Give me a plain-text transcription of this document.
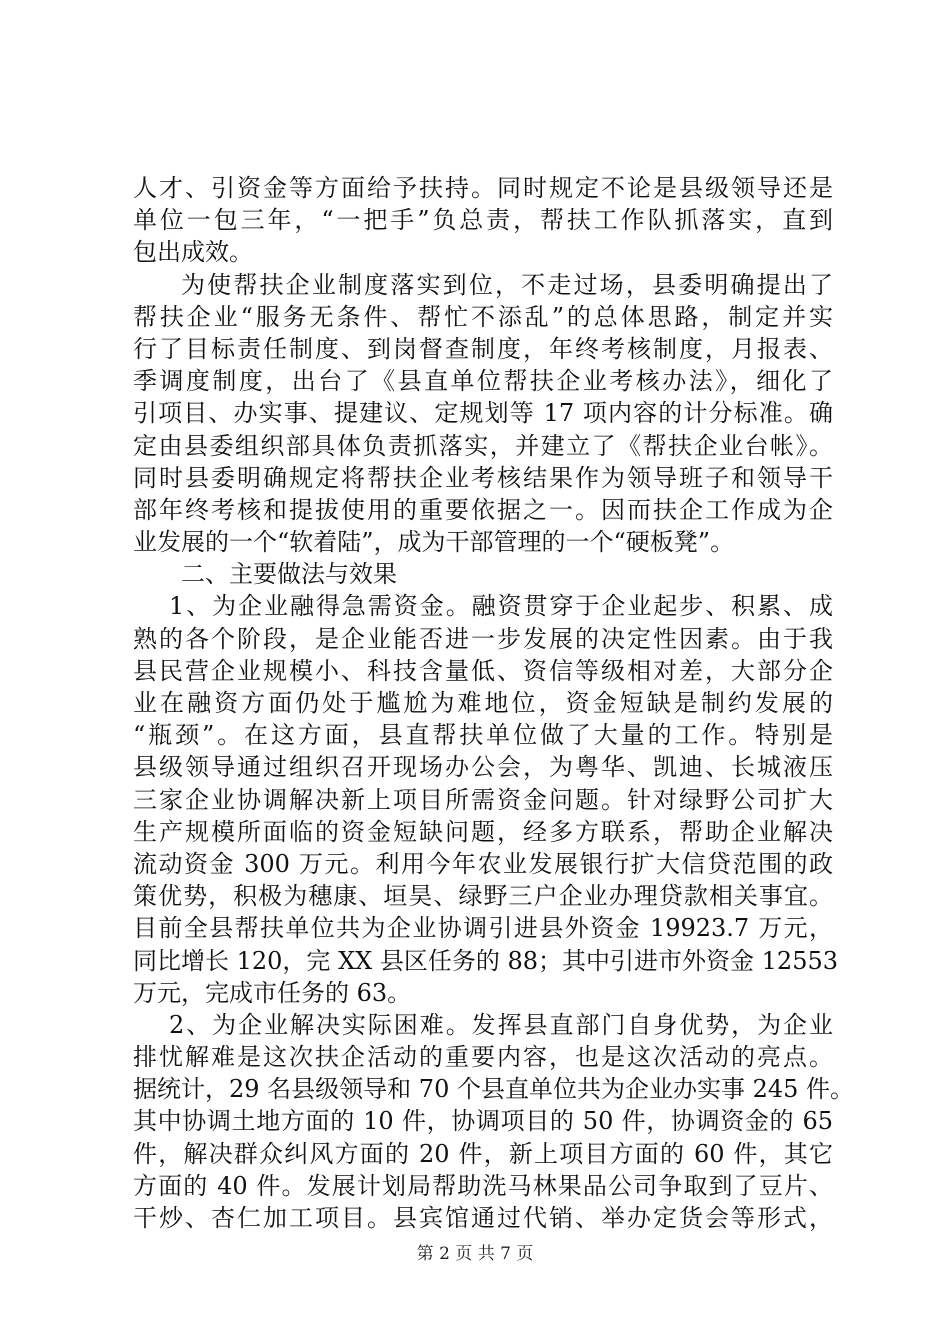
人才、引资金等方面给予扶持。同时规定不论是县级领导还是
单位一包三年，“一把手”负总责，帮扶工作队抓落实，直到
包出成效。
为使帮扶企业制度落实到位，不走过场，县委明确提出了
帮扶企业“服务无条件、帮忙不添乱”的总体思路，制定并实
行了目标责任制度、到岗督查制度，年终考核制度，月报表、
季调度制度，出台了《县直单位帮扶企业考核办法》，细化了
引项目、办实事、提建议、定规划等 17 项内容的计分标准。确
定由县委组织部具体负责抓落实，并建立了《帮扶企业台帐》。
同时县委明确规定将帮扶企业考核结果作为领导班子和领导干
部年终考核和提拔使用的重要依据之一。因而扶企工作成为企
业发展的一个“软着陆”，成为干部管理的一个“硬板凳”。
二、主要做法与效果
1、为企业融得急需资金。融资贯穿于企业起步、积累、成
熟的各个阶段，是企业能否进一步发展的决定性因素。由于我
县民营企业规模小、科技含量低、资信等级相对差，大部分企
业在融资方面仍处于尴尬为难地位，资金短缺是制约发展的
“瓶颈”。在这方面，县直帮扶单位做了大量的工作。特别是
县级领导通过组织召开现场办公会，为粤华、凯迪、长城液压
三家企业协调解决新上项目所需资金问题。针对绿野公司扩大
生产规模所面临的资金短缺问题，经多方联系，帮助企业解决
流动资金 300 万元。利用今年农业发展银行扩大信贷范围的政
策优势，积极为穗康、垣昊、绿野三户企业办理贷款相关事宜。
目前全县帮扶单位共为企业协调引进县外资金 19923.7 万元，
同比增长 120，完 XX 县区任务的 88；其中引进市外资金 12553
万元，完成市任务的 63。
2、为企业解决实际困难。发挥县直部门自身优势，为企业
排忧解难是这次扶企活动的重要内容，也是这次活动的亮点。
据统计，29 名县级领导和 70 个县直单位共为企业办实事 245 件。
其中协调土地方面的 10 件，协调项目的 50 件，协调资金的 65
件，解决群众纠风方面的 20 件，新上项目方面的 60 件，其它
方面的 40 件。发展计划局帮助洗马林果品公司争取到了豆片、
干炒、杏仁加工项目。县宾馆通过代销、举办定货会等形式，
第 2 页 共 7 页
